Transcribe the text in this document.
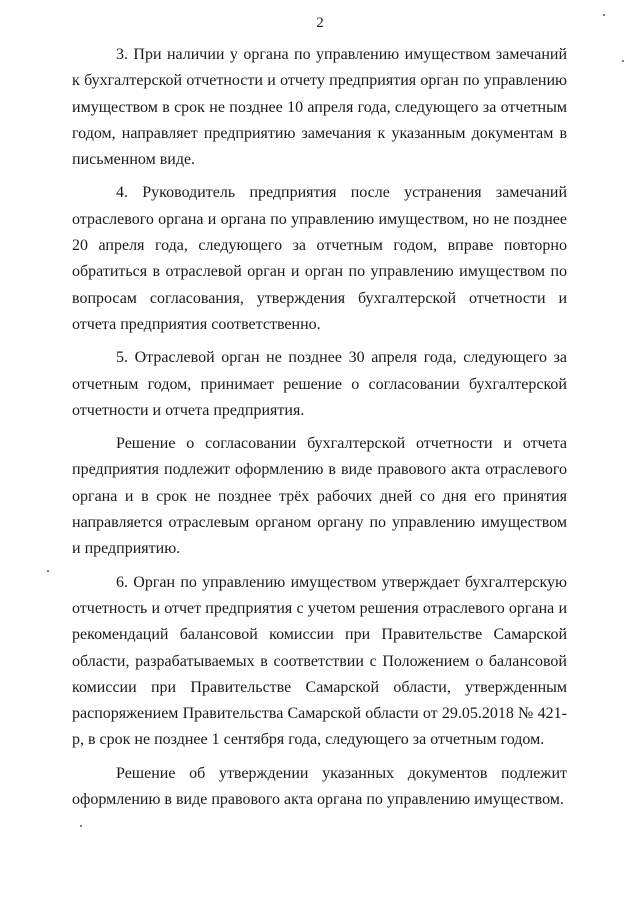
2

3. При наличии у органа по управлению имуществом замечаний к бухгалтерской отчетности и отчету предприятия орган по управлению имуществом в срок не позднее 10 апреля года, следующего за отчетным годом, направляет предприятию замечания к указанным документам в письменном виде.

4. Руководитель предприятия после устранения замечаний отраслевого органа и органа по управлению имуществом, но не позднее 20 апреля года, следующего за отчетным годом, вправе повторно обратиться в отраслевой орган и орган по управлению имуществом по вопросам согласования, утверждения бухгалтерской отчетности и отчета предприятия соответственно.

5. Отраслевой орган не позднее 30 апреля года, следующего за отчетным годом, принимает решение о согласовании бухгалтерской отчетности и отчета предприятия.

Решение о согласовании бухгалтерской отчетности и отчета предприятия подлежит оформлению в виде правового акта отраслевого органа и в срок не позднее трёх рабочих дней со дня его принятия направляется отраслевым органом органу по управлению имуществом и предприятию.

6. Орган по управлению имуществом утверждает бухгалтерскую отчетность и отчет предприятия с учетом решения отраслевого органа и рекомендаций балансовой комиссии при Правительстве Самарской области, разрабатываемых в соответствии с Положением о балансовой комиссии при Правительстве Самарской области, утвержденным распоряжением Правительства Самарской области от 29.05.2018 № 421-р, в срок не позднее 1 сентября года, следующего за отчетным годом.

Решение об утверждении указанных документов подлежит оформлению в виде правового акта органа по управлению имуществом.
